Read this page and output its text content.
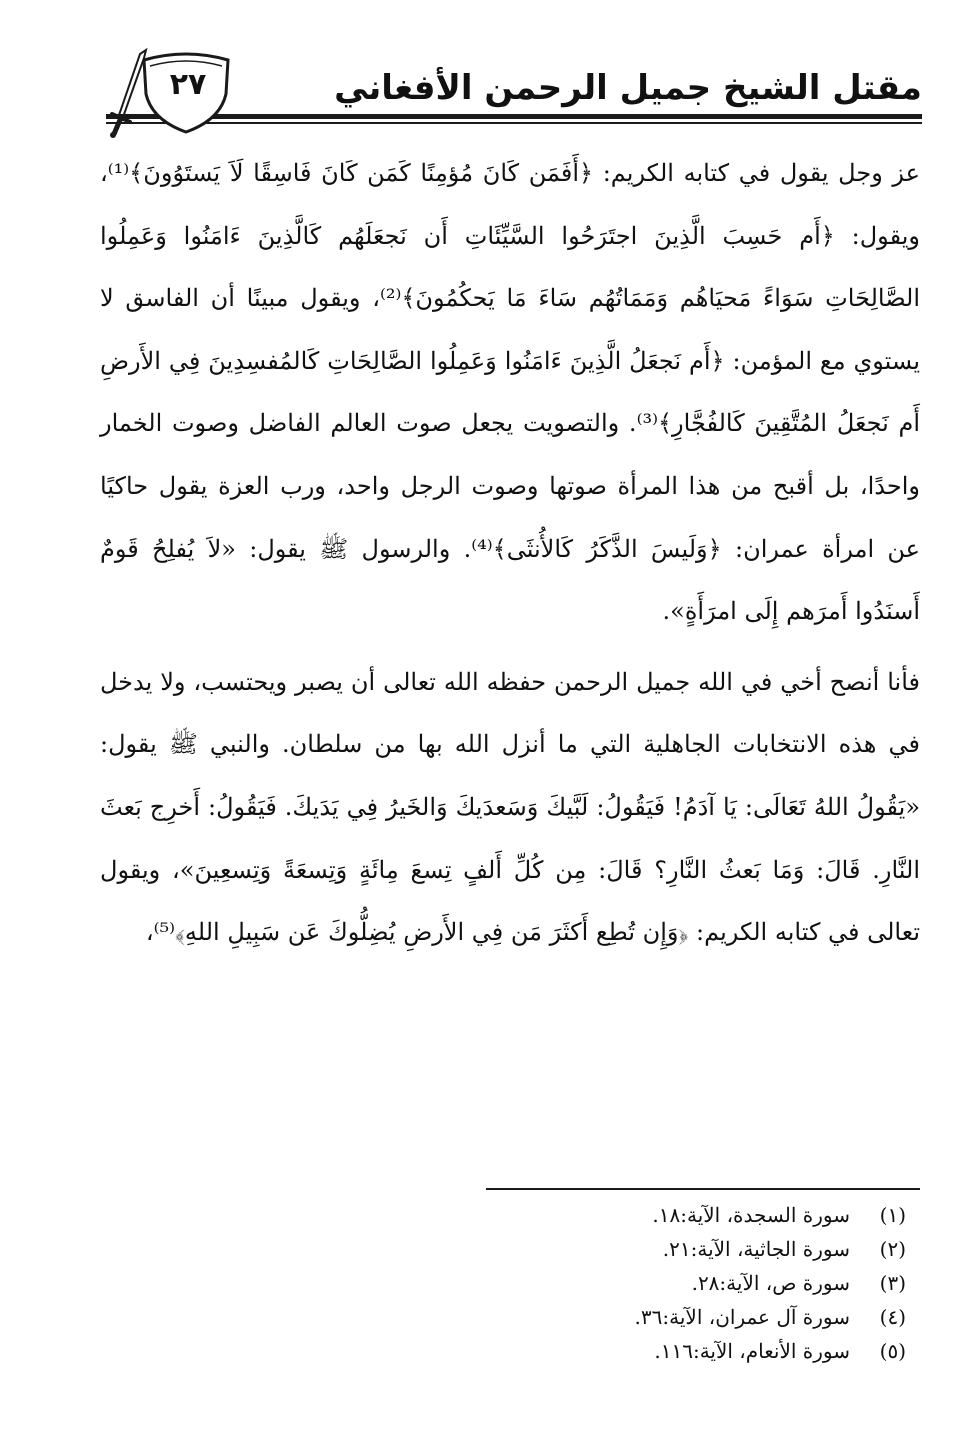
٢٧	مقتل الشيخ جميل الرحمن الأفغاني

عز وجل يقول في كتابه الكريم: ﴿أَفَمَن كَانَ مُؤمِنًا كَمَن كَانَ فَاسِقًا لَاَ يَستَوُونَ﴾⁽¹⁾، ويقول: ﴿أَم حَسِبَ الَّذِينَ اجتَرَحُوا السَّيِّئَاتِ أَن نَجعَلَهُم كَالَّذِينَ ءَامَنُوا وَعَمِلُوا الصَّالِحَاتِ سَوَاءً مَحيَاهُم وَمَمَاتُهُم سَاءَ مَا يَحكُمُونَ﴾⁽²⁾، ويقول مبينًا أن الفاسق لا يستوي مع المؤمن: ﴿أَم نَجعَلُ الَّذِينَ ءَامَنُوا وَعَمِلُوا الصَّالِحَاتِ كَالمُفسِدِينَ فِي الأَرضِ أَم نَجعَلُ المُتَّقِينَ كَالفُجَّارِ﴾⁽³⁾. والتصويت يجعل صوت العالم الفاضل وصوت الخمار واحدًا، بل أقبح من هذا المرأة صوتها وصوت الرجل واحد، ورب العزة يقول حاكيًا عن امرأة عمران: ﴿وَلَيسَ الذَّكَرُ كَالأُنثَى﴾⁽⁴⁾. والرسول ﷺ يقول: «لاَ يُفلِحُ قَومٌ أَسنَدُوا أَمرَهم إِلَى امرَأَةٍ».

فأنا أنصح أخي في الله جميل الرحمن حفظه الله تعالى أن يصبر ويحتسب، ولا يدخل في هذه الانتخابات الجاهلية التي ما أنزل الله بها من سلطان. والنبي ﷺ يقول: «يَقُولُ اللهُ تَعَالَى: يَا آدَمُ! فَيَقُولُ: لَبَّيكَ وَسَعدَيكَ وَالخَيرُ فِي يَدَيكَ. فَيَقُولُ: أَخرِج بَعثَ النَّارِ. قَالَ: وَمَا بَعثُ النَّارِ؟ قَالَ: مِن كُلِّ أَلفٍ تِسعَ مِائَةٍ وَتِسعَةً وَتِسعِينَ»، ويقول تعالى في كتابه الكريم: ﴿وَإِن تُطِع أَكثَرَ مَن فِي الأَرضِ يُضِلُّوكَ عَن سَبِيلِ اللهِ﴾⁽⁵⁾،

(١)سورة السجدة، الآية:١٨.
(٢)سورة الجاثية، الآية:٢١.
(٣)سورة ص، الآية:٢٨.
(٤)سورة آل عمران، الآية:٣٦.
(٥)سورة الأنعام، الآية:١١٦.
